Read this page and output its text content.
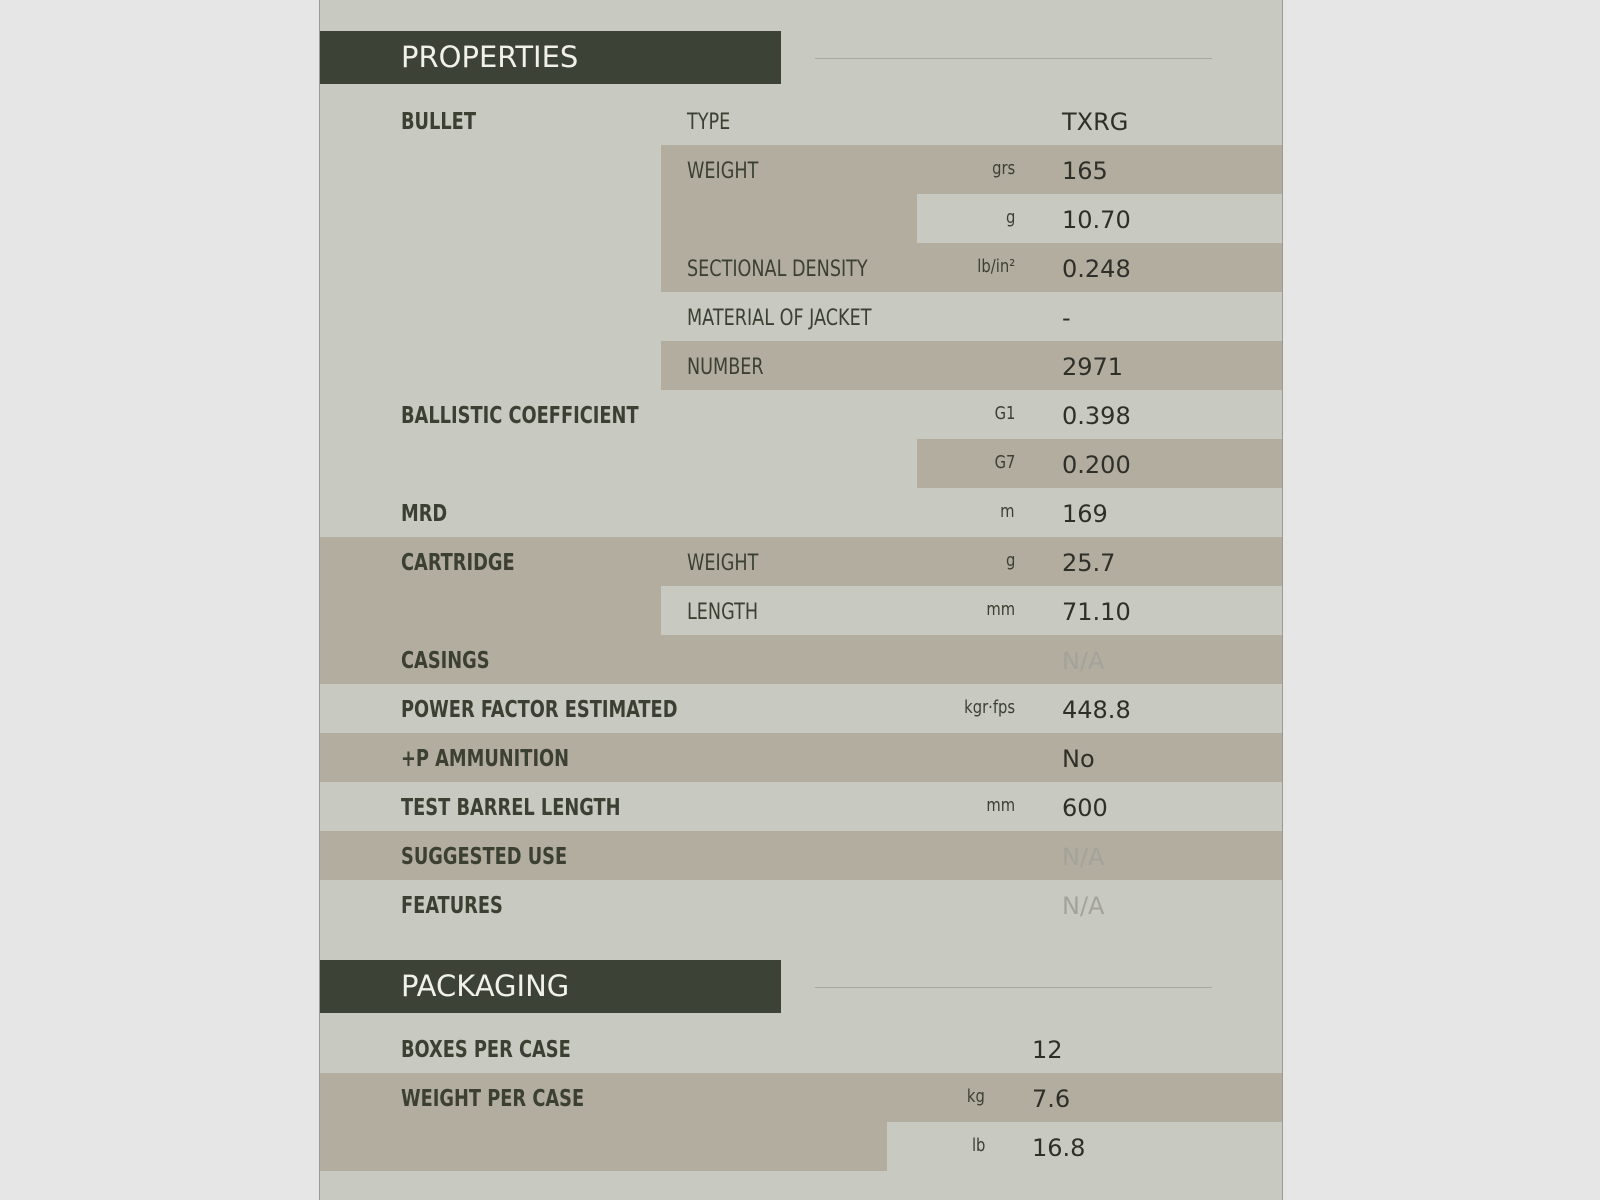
PROPERTIES
BULLET	TYPE	TXRG
WEIGHT	grs 165
g 10.70
SECTIONAL DENSITY	lb/in² 0.248
MATERIAL OF JACKET	-
NUMBER	2971
BALLISTIC COEFFICIENT	G1 0.398
G7 0.200
MRD	m 169
CARTRIDGE	WEIGHT	g 25.7
LENGTH	mm 71.10
CASINGS	N/A
POWER FACTOR ESTIMATED	kgr·fps 448.8
+P AMMUNITION	No
TEST BARREL LENGTH	mm 600
SUGGESTED USE	N/A
FEATURES	N/A
PACKAGING
BOXES PER CASE	12
WEIGHT PER CASE	kg 7.6
lb 16.8
